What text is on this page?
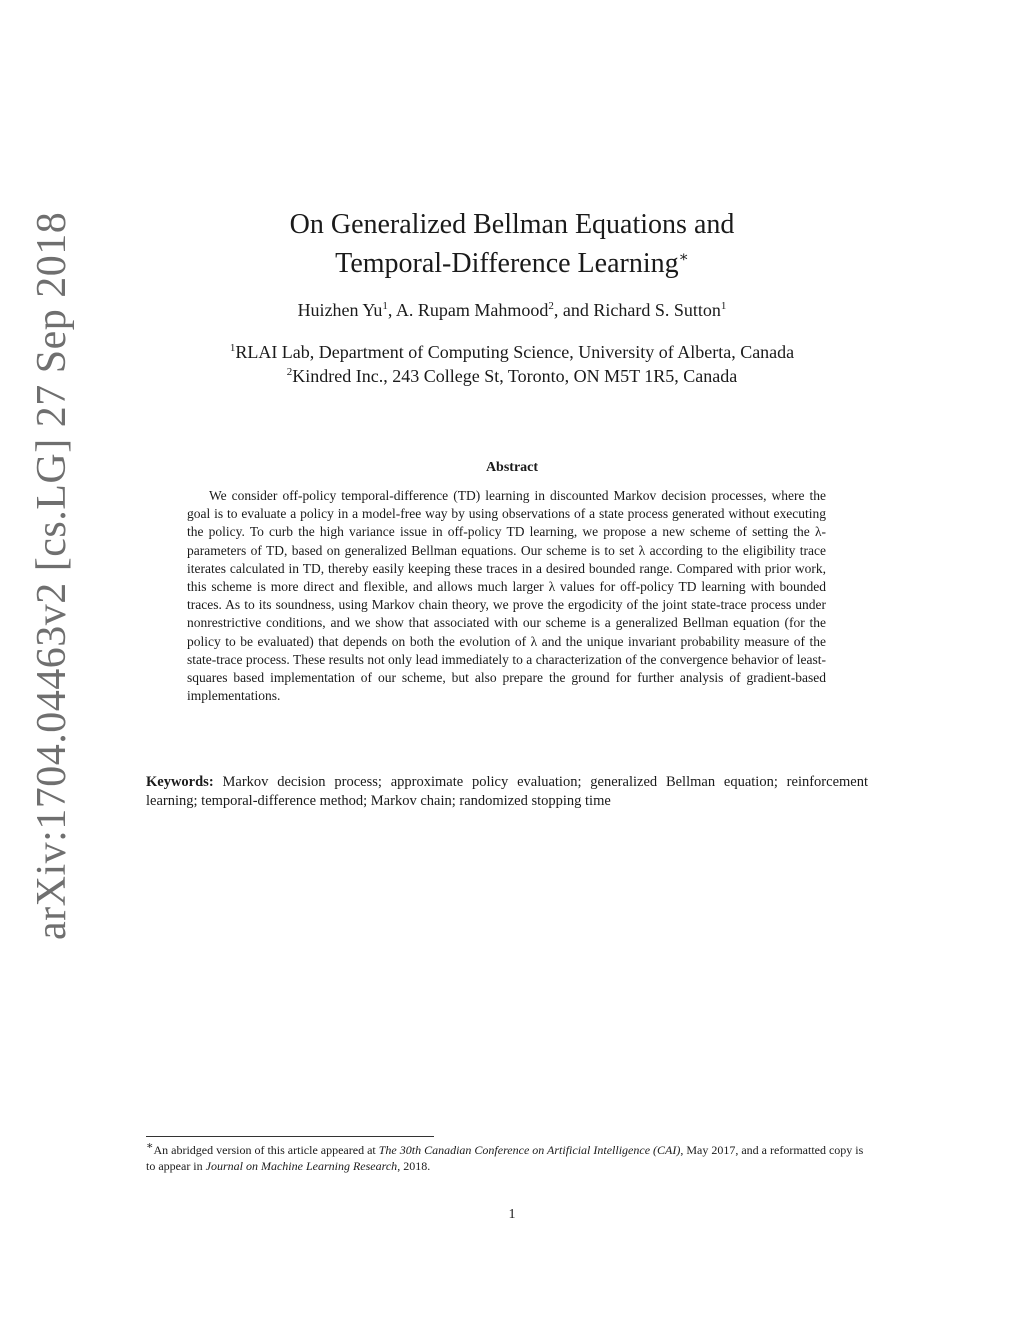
arXiv:1704.04463v2 [cs.LG] 27 Sep 2018	On Generalized Bellman Equations and
Temporal-Difference Learning∗
Huizhen Yu$^1$, A. Rupam Mahmood$^2$, and Richard S. Sutton$^1$
$^1$RLAI Lab, Department of Computing Science, University of Alberta, Canada
$^2$Kindred Inc., 243 College St, Toronto, ON M5T 1R5, Canada
Abstract
We consider off-policy temporal-difference (TD) learning in discounted Markov decision processes, where the goal is to evaluate a policy in a model-free way by using observations of a state process generated without executing the policy. To curb the high variance issue in off-policy TD learning, we propose a new scheme of setting the λ-parameters of TD, based on generalized Bellman equations. Our scheme is to set λ according to the eligibility trace iterates calculated in TD, thereby easily keeping these traces in a desired bounded range. Compared with prior work, this scheme is more direct and flexible, and allows much larger λ values for off-policy TD learning with bounded traces. As to its soundness, using Markov chain theory, we prove the ergodicity of the joint state-trace process under nonrestrictive conditions, and we show that associated with our scheme is a generalized Bellman equation (for the policy to be evaluated) that depends on both the evolution of λ and the unique invariant probability measure of the state-trace process. These results not only lead immediately to a characterization of the convergence behavior of least-squares based implementation of our scheme, but also prepare the ground for further analysis of gradient-based implementations.
Keywords: Markov decision process; approximate policy evaluation; generalized Bellman equation; reinforcement learning; temporal-difference method; Markov chain; randomized stopping time
∗An abridged version of this article appeared at The 30th Canadian Conference on Artificial Intelligence (CAI), May 2017, and a reformatted copy is to appear in Journal on Machine Learning Research, 2018.
1
